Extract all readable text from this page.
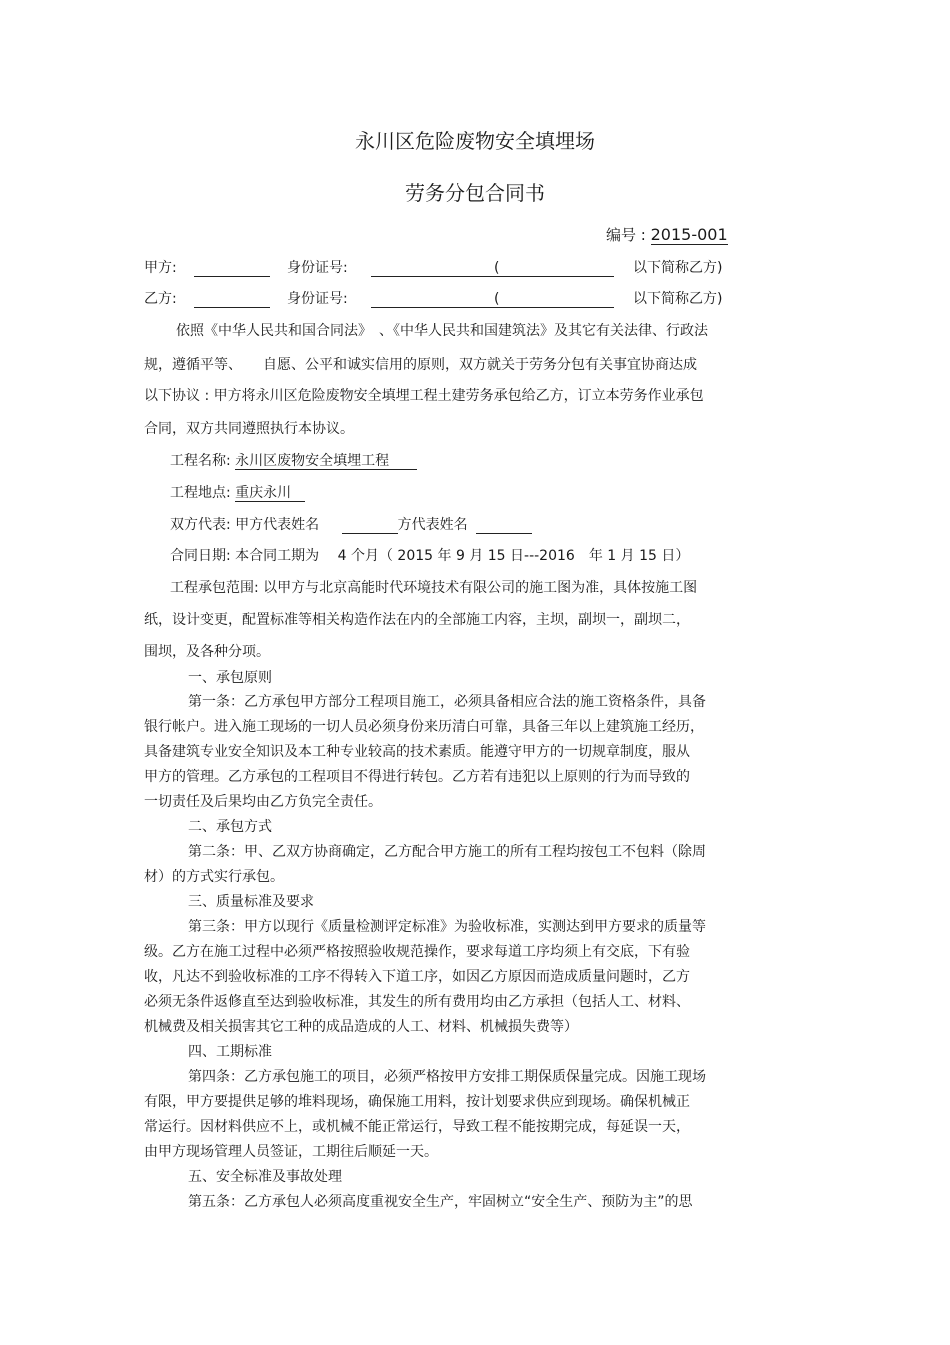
永川区危险废物安全填埋场
劳务分包合同书
编号 : 2015-001
甲方:	身份证号:	(	以下简称乙方)
乙方:	身份证号:	(	以下简称乙方)
依照《中华人民共和国合同法》　、《中华人民共和国建筑法》及其它有关法律、行政法
规，遵循平等、　　自愿、公平和诚实信用的原则，双方就关于劳务分包有关事宜协商达成
以下协议 : 甲方将永川区危险废物安全填埋工程土建劳务承包给乙方，订立本劳务作业承包
合同，双方共同遵照执行本协议。
工程名称: 永川区废物安全填埋工程
工程地点: 重庆永川
双方代表: 甲方代表姓名	方代表姓名
合同日期: 本合同工期为　 4 个月（ 2015 年 9 月 15 日---2016　年 1 月 15 日）
工程承包范围: 以甲方与北京高能时代环境技术有限公司的施工图为准，具体按施工图
纸，设计变更，配置标准等相关构造作法在内的全部施工内容，主坝，副坝一，副坝二，
围坝，及各种分项。
一、承包原则
第一条：乙方承包甲方部分工程项目施工，必须具备相应合法的施工资格条件，具备
银行帐户。进入施工现场的一切人员必须身份来历清白可靠，具备三年以上建筑施工经历，
具备建筑专业安全知识及本工种专业较高的技术素质。能遵守甲方的一切规章制度，服从
甲方的管理。乙方承包的工程项目不得进行转包。乙方若有违犯以上原则的行为而导致的
一切责任及后果均由乙方负完全责任。
二、承包方式
第二条：甲、乙双方协商确定，乙方配合甲方施工的所有工程均按包工不包料（除周
材）的方式实行承包。
三、质量标准及要求
第三条：甲方以现行《质量检测评定标准》为验收标准，实测达到甲方要求的质量等
级。乙方在施工过程中必须严格按照验收规范操作，要求每道工序均须上有交底，下有验
收，凡达不到验收标准的工序不得转入下道工序，如因乙方原因而造成质量问题时，乙方
必须无条件返修直至达到验收标准，其发生的所有费用均由乙方承担（包括人工、材料、
机械费及相关损害其它工种的成品造成的人工、材料、机械损失费等）
四、工期标准
第四条：乙方承包施工的项目，必须严格按甲方安排工期保质保量完成。因施工现场
有限，甲方要提供足够的堆料现场，确保施工用料，按计划要求供应到现场。确保机械正
常运行。因材料供应不上，或机械不能正常运行，导致工程不能按期完成，每延误一天，
由甲方现场管理人员签证，工期往后顺延一天。
五、安全标准及事故处理
第五条：乙方承包人必须高度重视安全生产，牢固树立“安全生产、预防为主”的思
